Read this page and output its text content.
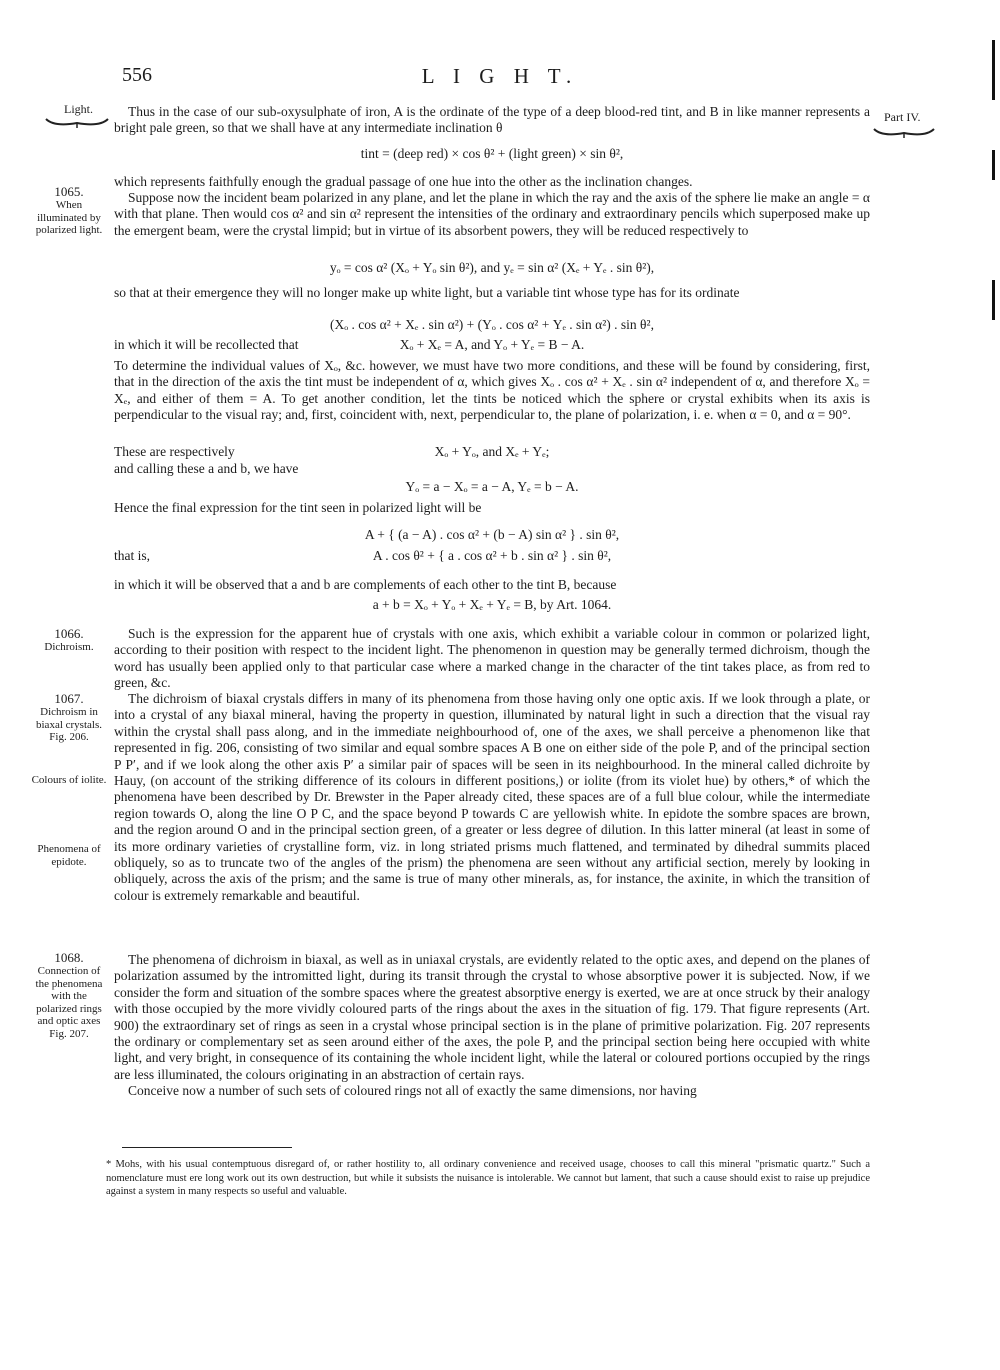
556	L I G H T.
Light.
Part IV.

Thus in the case of our sub-oxysulphate of iron, A is the ordinate of the type of a deep blood-red tint, and B in like manner represents a bright pale green, so that we shall have at any intermediate inclination θ

tint = (deep red) × cos θ² + (light green) × sin θ²,
which represents faithfully enough the gradual passage of one hue into the other as the inclination changes.
1065.
When illuminated by polarized light.

Suppose now the incident beam polarized in any plane, and let the plane in which the ray and the axis of the sphere lie make an angle = α with that plane. Then would cos α² and sin α² represent the intensities of the ordinary and extraordinary pencils which superposed make up the emergent beam, were the crystal limpid; but in virtue of its absorbent powers, they will be reduced respectively to

yₒ = cos α² (Xₒ + Yₒ sin θ²), and yₑ = sin α² (Xₑ + Yₑ . sin θ²),
so that at their emergence they will no longer make up white light, but a variable tint whose type has for its ordinate
(Xₒ . cos α² + Xₑ . sin α²) + (Yₒ . cos α² + Yₑ . sin α²) . sin θ²,
in which it will be recollected that	Xₒ + Xₑ = A, and Yₒ + Yₑ = B − A.
To determine the individual values of Xₒ, &c. however, we must have two more conditions, and these will be found by considering, first, that in the direction of the axis the tint must be independent of α, which gives Xₒ . cos α² + Xₑ . sin α² independent of α, and therefore Xₒ = Xₑ, and either of them = A. To get another condition, let the tints be noticed which the sphere or crystal exhibits when its axis is perpendicular to the visual ray; and, first, coincident with, next, perpendicular to, the plane of polarization, i. e. when α = 0, and α = 90°.
These are respectively	Xₒ + Yₒ, and Xₑ + Yₑ;
and calling these a and b, we have
Yₒ = a − Xₒ = a − A, Yₑ = b − A.
Hence the final expression for the tint seen in polarized light will be
A + { (a − A) . cos α² + (b − A) sin α² } . sin θ²,
that is,	A . cos θ² + { a . cos α² + b . sin α² } . sin θ²,
in which it will be observed that a and b are complements of each other to the tint B, because
a + b = Xₒ + Yₒ + Xₑ + Yₑ = B, by Art. 1064.
1066.
Dichroism.

Such is the expression for the apparent hue of crystals with one axis, which exhibit a variable colour in common or polarized light, according to their position with respect to the incident light. The phenomenon in question may be generally termed dichroism, though the word has usually been applied only to that particular case where a marked change in the character of the tint takes place, as from red to green, &c.

1067.
Dichroism in biaxal crystals. Fig. 206.
Colours of iolite.
Phenomena of epidote.

The dichroism of biaxal crystals differs in many of its phenomena from those having only one optic axis. If we look through a plate, or into a crystal of any biaxal mineral, having the property in question, illuminated by natural light in such a direction that the visual ray within the crystal shall pass along, and in the immediate neighbourhood of, one of the axes, we shall perceive a phenomenon like that represented in fig. 206, consisting of two similar and equal sombre spaces A B one on either side of the pole P, and of the principal section P P′, and if we look along the other axis P′ a similar pair of spaces will be seen in its neighbourhood. In the mineral called dichroite by Hauy, (on account of the striking difference of its colours in different positions,) or iolite (from its violet hue) by others,* of which the phenomena have been described by Dr. Brewster in the Paper already cited, these spaces are of a full blue colour, while the intermediate region towards O, along the line O P C, and the space beyond P towards C are yellowish white. In epidote the sombre spaces are brown, and the region around O and in the principal section green, of a greater or less degree of dilution. In this latter mineral (at least in some of its more ordinary varieties of crystalline form, viz. in long striated prisms much flattened, and terminated by dihedral summits placed obliquely, so as to truncate two of the angles of the prism) the phenomena are seen without any artificial section, merely by looking in obliquely, across the axis of the prism; and the same is true of many other minerals, as, for instance, the axinite, in which the transition of colour is extremely remarkable and beautiful.

1068.
Connection of the phenomena with the polarized rings and optic axes Fig. 207.

The phenomena of dichroism in biaxal, as well as in uniaxal crystals, are evidently related to the optic axes, and depend on the planes of polarization assumed by the intromitted light, during its transit through the crystal to whose absorptive power it is subjected. Now, if we consider the form and situation of the sombre spaces where the greatest absorptive energy is exerted, we are at once struck by their analogy with those occupied by the more vividly coloured parts of the rings about the axes in the situation of fig. 179. That figure represents (Art. 900) the extraordinary set of rings as seen in a crystal whose principal section is in the plane of primitive polarization. Fig. 207 represents the ordinary or complementary set as seen around either of the axes, the pole P, and the principal section being here occupied with white light, and very bright, in consequence of its containing the whole incident light, while the lateral or coloured portions occupied by the rings are less illuminated, the colours originating in an abstraction of certain rays.

Conceive now a number of such sets of coloured rings not all of exactly the same dimensions, nor having

* Mohs, with his usual contemptuous disregard of, or rather hostility to, all ordinary convenience and received usage, chooses to call this mineral "prismatic quartz." Such a nomenclature must ere long work out its own destruction, but while it subsists the nuisance is intolerable. We cannot but lament, that such a cause should exist to raise up prejudice against a system in many respects so useful and valuable.
